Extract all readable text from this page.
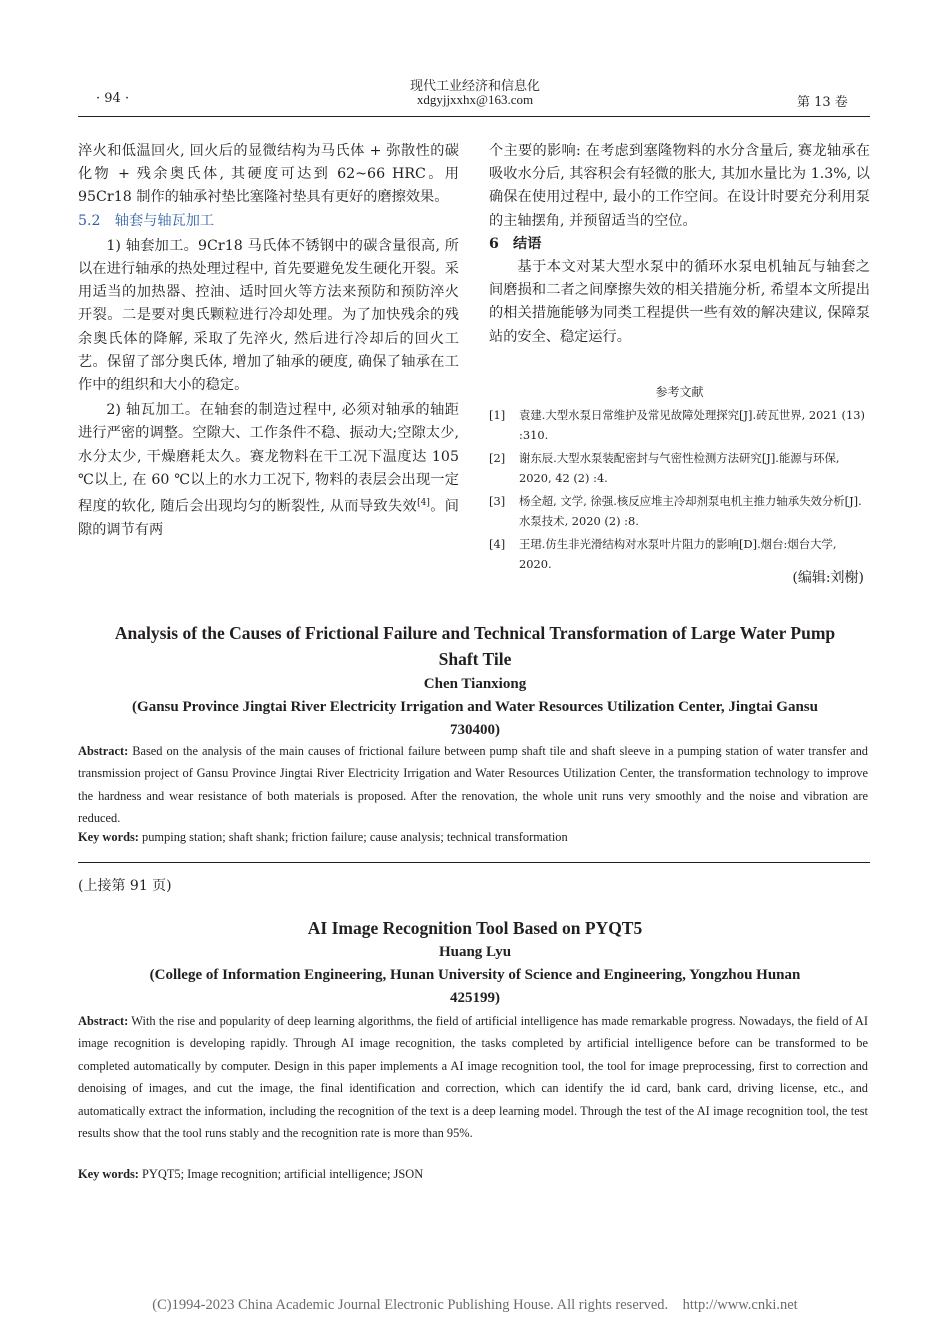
· 94 ·
现代工业经济和信息化
xdgyjjxxhx@163.com	第 13 卷

淬火和低温回火, 回火后的显微结构为马氏体 + 弥散性的碳化物 + 残余奥氏体, 其硬度可达到 62~66 HRC。用95Cr18 制作的轴承衬垫比塞隆衬垫具有更好的磨擦效果。

5.2　轴套与轴瓦加工

1) 轴套加工。9Cr18 马氏体不锈钢中的碳含量很高, 所以在进行轴承的热处理过程中, 首先要避免发生硬化开裂。采用适当的加热器、控油、适时回火等方法来预防和预防淬火开裂。二是要对奥氏颗粒进行冷却处理。为了加快残余的残余奥氏体的降解, 采取了先淬火, 然后进行冷却后的回火工艺。保留了部分奥氏体, 增加了轴承的硬度, 确保了轴承在工作中的组织和大小的稳定。

2) 轴瓦加工。在轴套的制造过程中, 必须对轴承的轴距进行严密的调整。空隙大、工作条件不稳、振动大;空隙太少, 水分太少, 干燥磨耗太久。赛龙物料在干工况下温度达 105 ℃以上, 在 60 ℃以上的水力工况下, 物料的表层会出现一定程度的软化, 随后会出现均匀的断裂性, 从而导致失效[4]。间隙的调节有两

个主要的影响: 在考虑到塞隆物料的水分含量后, 赛龙轴承在吸收水分后, 其容积会有轻微的胀大, 其加水量比为 1.3%, 以确保在使用过程中, 最小的工作空间。在设计时要充分利用泵的主轴摆角, 并预留适当的空位。

6　结语

基于本文对某大型水泵中的循环水泵电机轴瓦与轴套之间磨损和二者之间摩擦失效的相关措施分析, 希望本文所提出的相关措施能够为同类工程提供一些有效的解决建议, 保障泵站的安全、稳定运行。

参考文献
[1] 袁建.大型水泵日常维护及常见故障处理探究[J].砖瓦世界, 2021 (13) :310.
[2] 谢东辰.大型水泵装配密封与气密性检测方法研究[J].能源与环保, 2020, 42 (2) :4.
[3] 杨全超, 文学, 徐强.核反应堆主冷却剂泵电机主推力轴承失效分析[J].水泵技术, 2020 (2) :8.
[4] 王珺.仿生非光滑结构对水泵叶片阻力的影响[D].烟台:烟台大学, 2020.
(编辑:刘榭)
Analysis of the Causes of Frictional Failure and Technical Transformation of Large Water Pump
Shaft Tile
Chen Tianxiong
(Gansu Province Jingtai River Electricity Irrigation and Water Resources Utilization Center, Jingtai Gansu
730400)
Abstract: Based on the analysis of the main causes of frictional failure between pump shaft tile and shaft sleeve in a pumping station of water transfer and transmission project of Gansu Province Jingtai River Electricity Irrigation and Water Resources Utilization Center, the transformation technology to improve the hardness and wear resistance of both materials is proposed. After the renovation, the whole unit runs very smoothly and the noise and vibration are reduced.
Key words: pumping station; shaft shank; friction failure; cause analysis; technical transformation
(上接第 91 页)
AI Image Recognition Tool Based on PYQT5
Huang Lyu
(College of Information Engineering, Hunan University of Science and Engineering, Yongzhou Hunan
425199)
Abstract: With the rise and popularity of deep learning algorithms, the field of artificial intelligence has made remarkable progress. Nowadays, the field of AI image recognition is developing rapidly. Through AI image recognition, the tasks completed by artificial intelligence before can be transformed to be completed automatically by computer. Design in this paper implements a AI image recognition tool, the tool for image preprocessing, first to correction and denoising of images, and cut the image, the final identification and correction, which can identify the id card, bank card, driving license, etc., and automatically extract the information, including the recognition of the text is a deep learning model. Through the test of the AI image recognition tool, the test results show that the tool runs stably and the recognition rate is more than 95%.
Key words: PYQT5; Image recognition; artificial intelligence; JSON
(C)1994-2023 China Academic Journal Electronic Publishing House. All rights reserved. http://www.cnki.net
